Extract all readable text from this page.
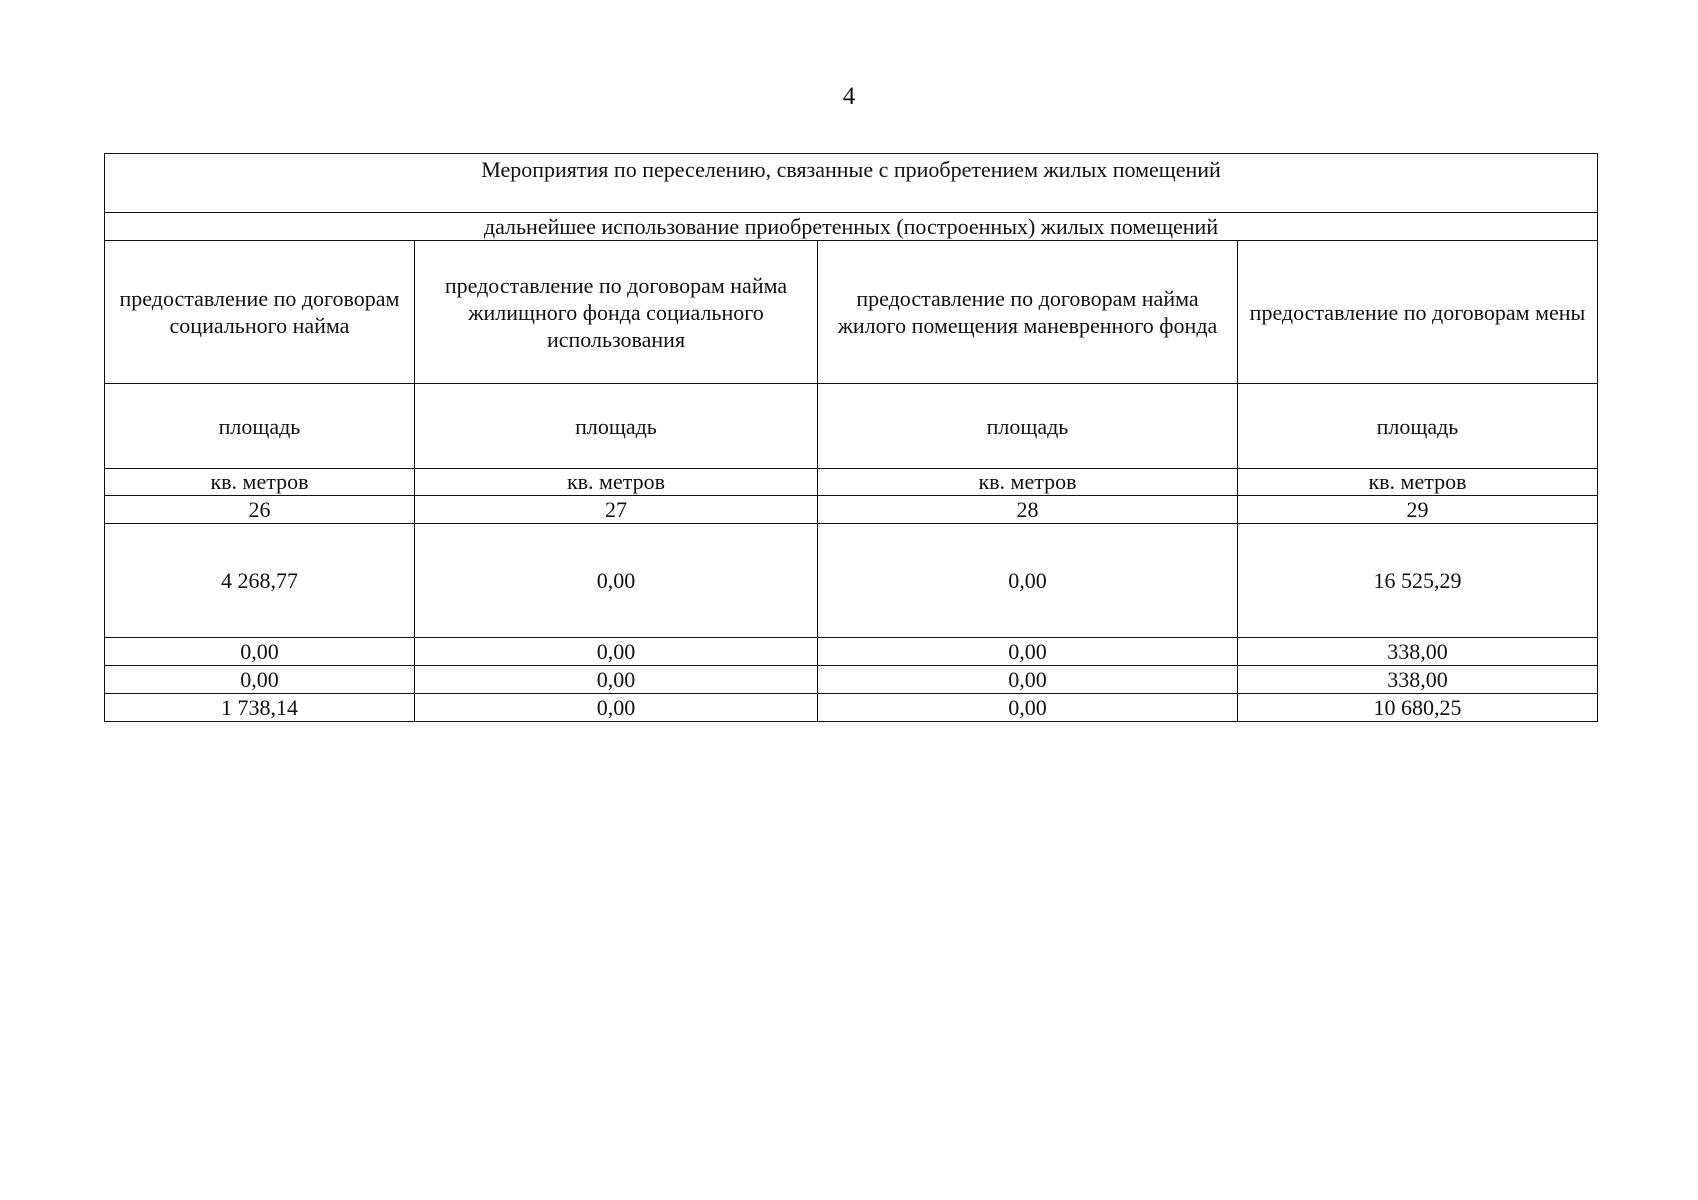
4
Мероприятия по переселению, связанные с приобретением жилых помещений			
дальнейшее использование приобретенных (построенных) жилых помещений			
предоставление по договорам социального найма	предоставление по договорам найма жилищного фонда социального использования	предоставление по договорам найма жилого помещения маневренного фонда	предоставление по договорам мены
площадь	площадь	площадь	площадь
кв. метров	кв. метров	кв. метров	кв. метров
26	27	28	29
4 268,77	0,00	0,00	16 525,29
0,00	0,00	0,00	338,00
0,00	0,00	0,00	338,00
1 738,14	0,00	0,00	10 680,25
